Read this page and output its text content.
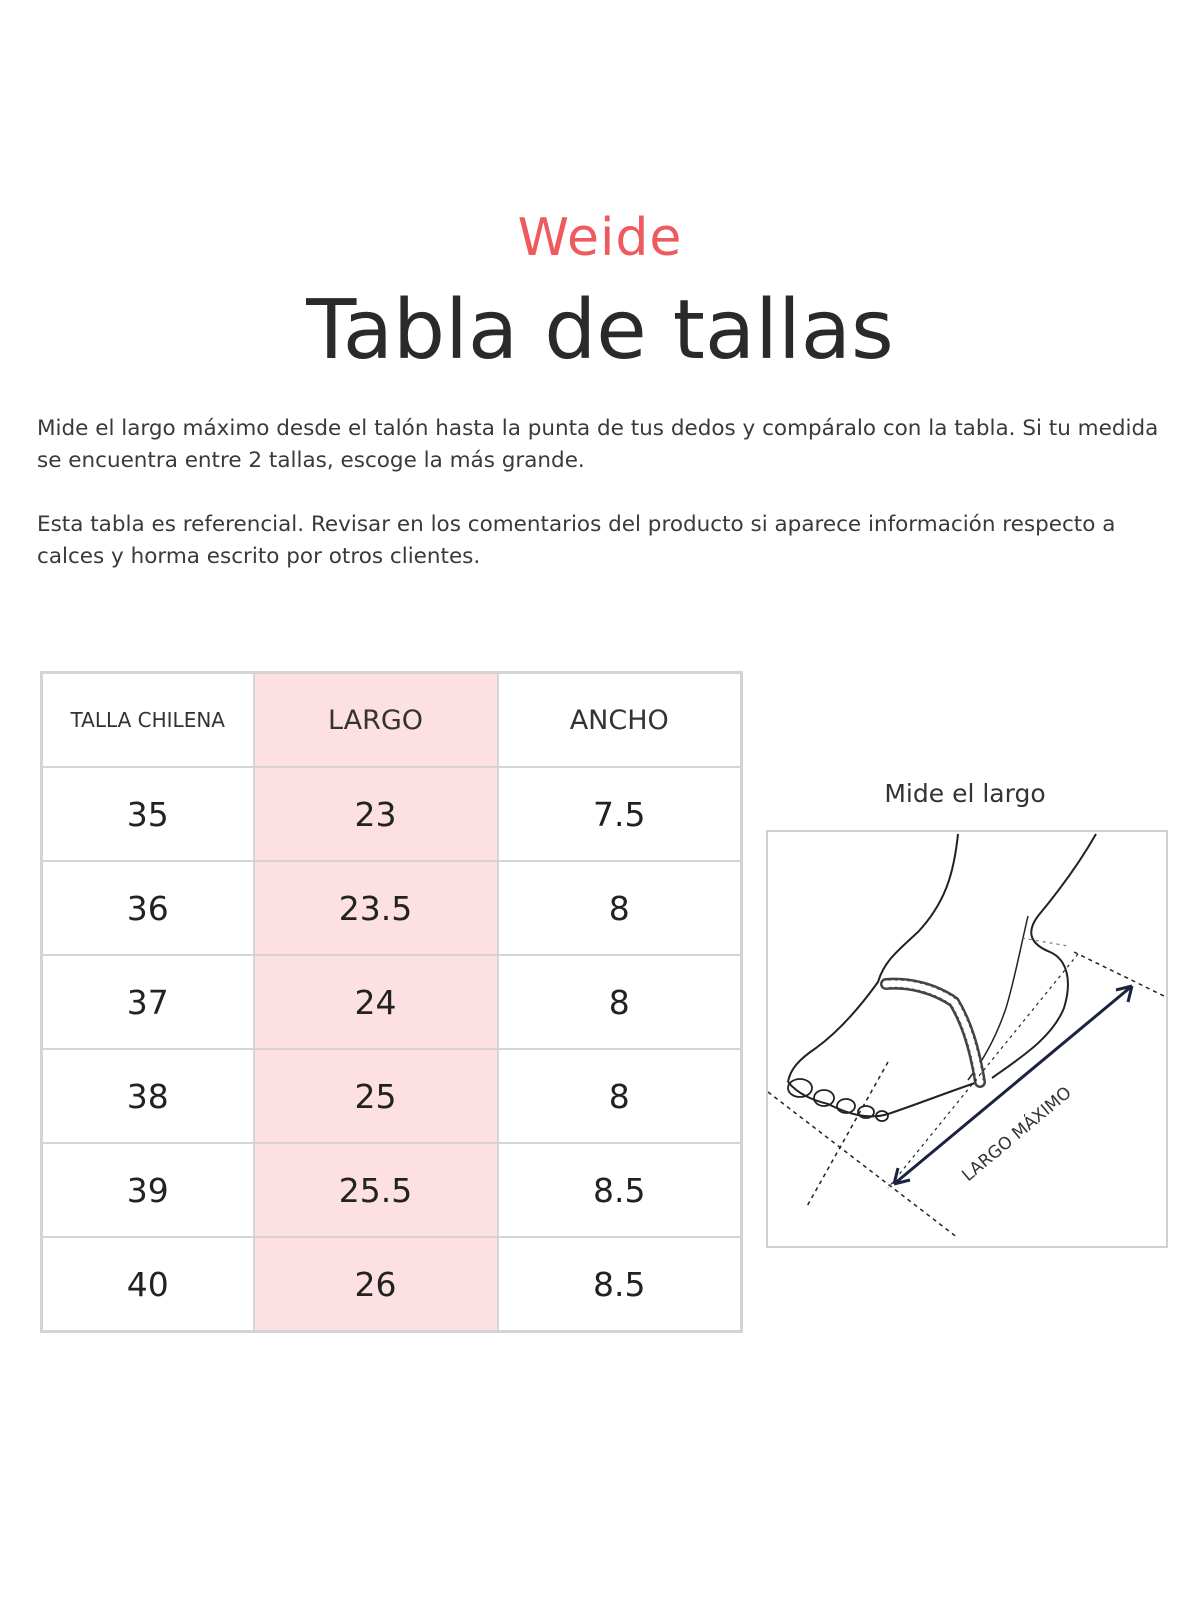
Weide
Tabla de tallas
Mide el largo máximo desde el talón hasta la punta de tus dedos y compáralo con la tabla. Si tu medida se encuentra entre 2 tallas, escoge la más grande.
Esta tabla es referencial. Revisar en los comentarios del producto si aparece información respecto a calces y horma escrito por otros clientes.
TALLA CHILENA	LARGO	ANCHO
35	23	7.5
36	23.5	8
37	24	8
38	25	8
39	25.5	8.5
40	26	8.5
Mide el largo
LARGO MÁXIMO
